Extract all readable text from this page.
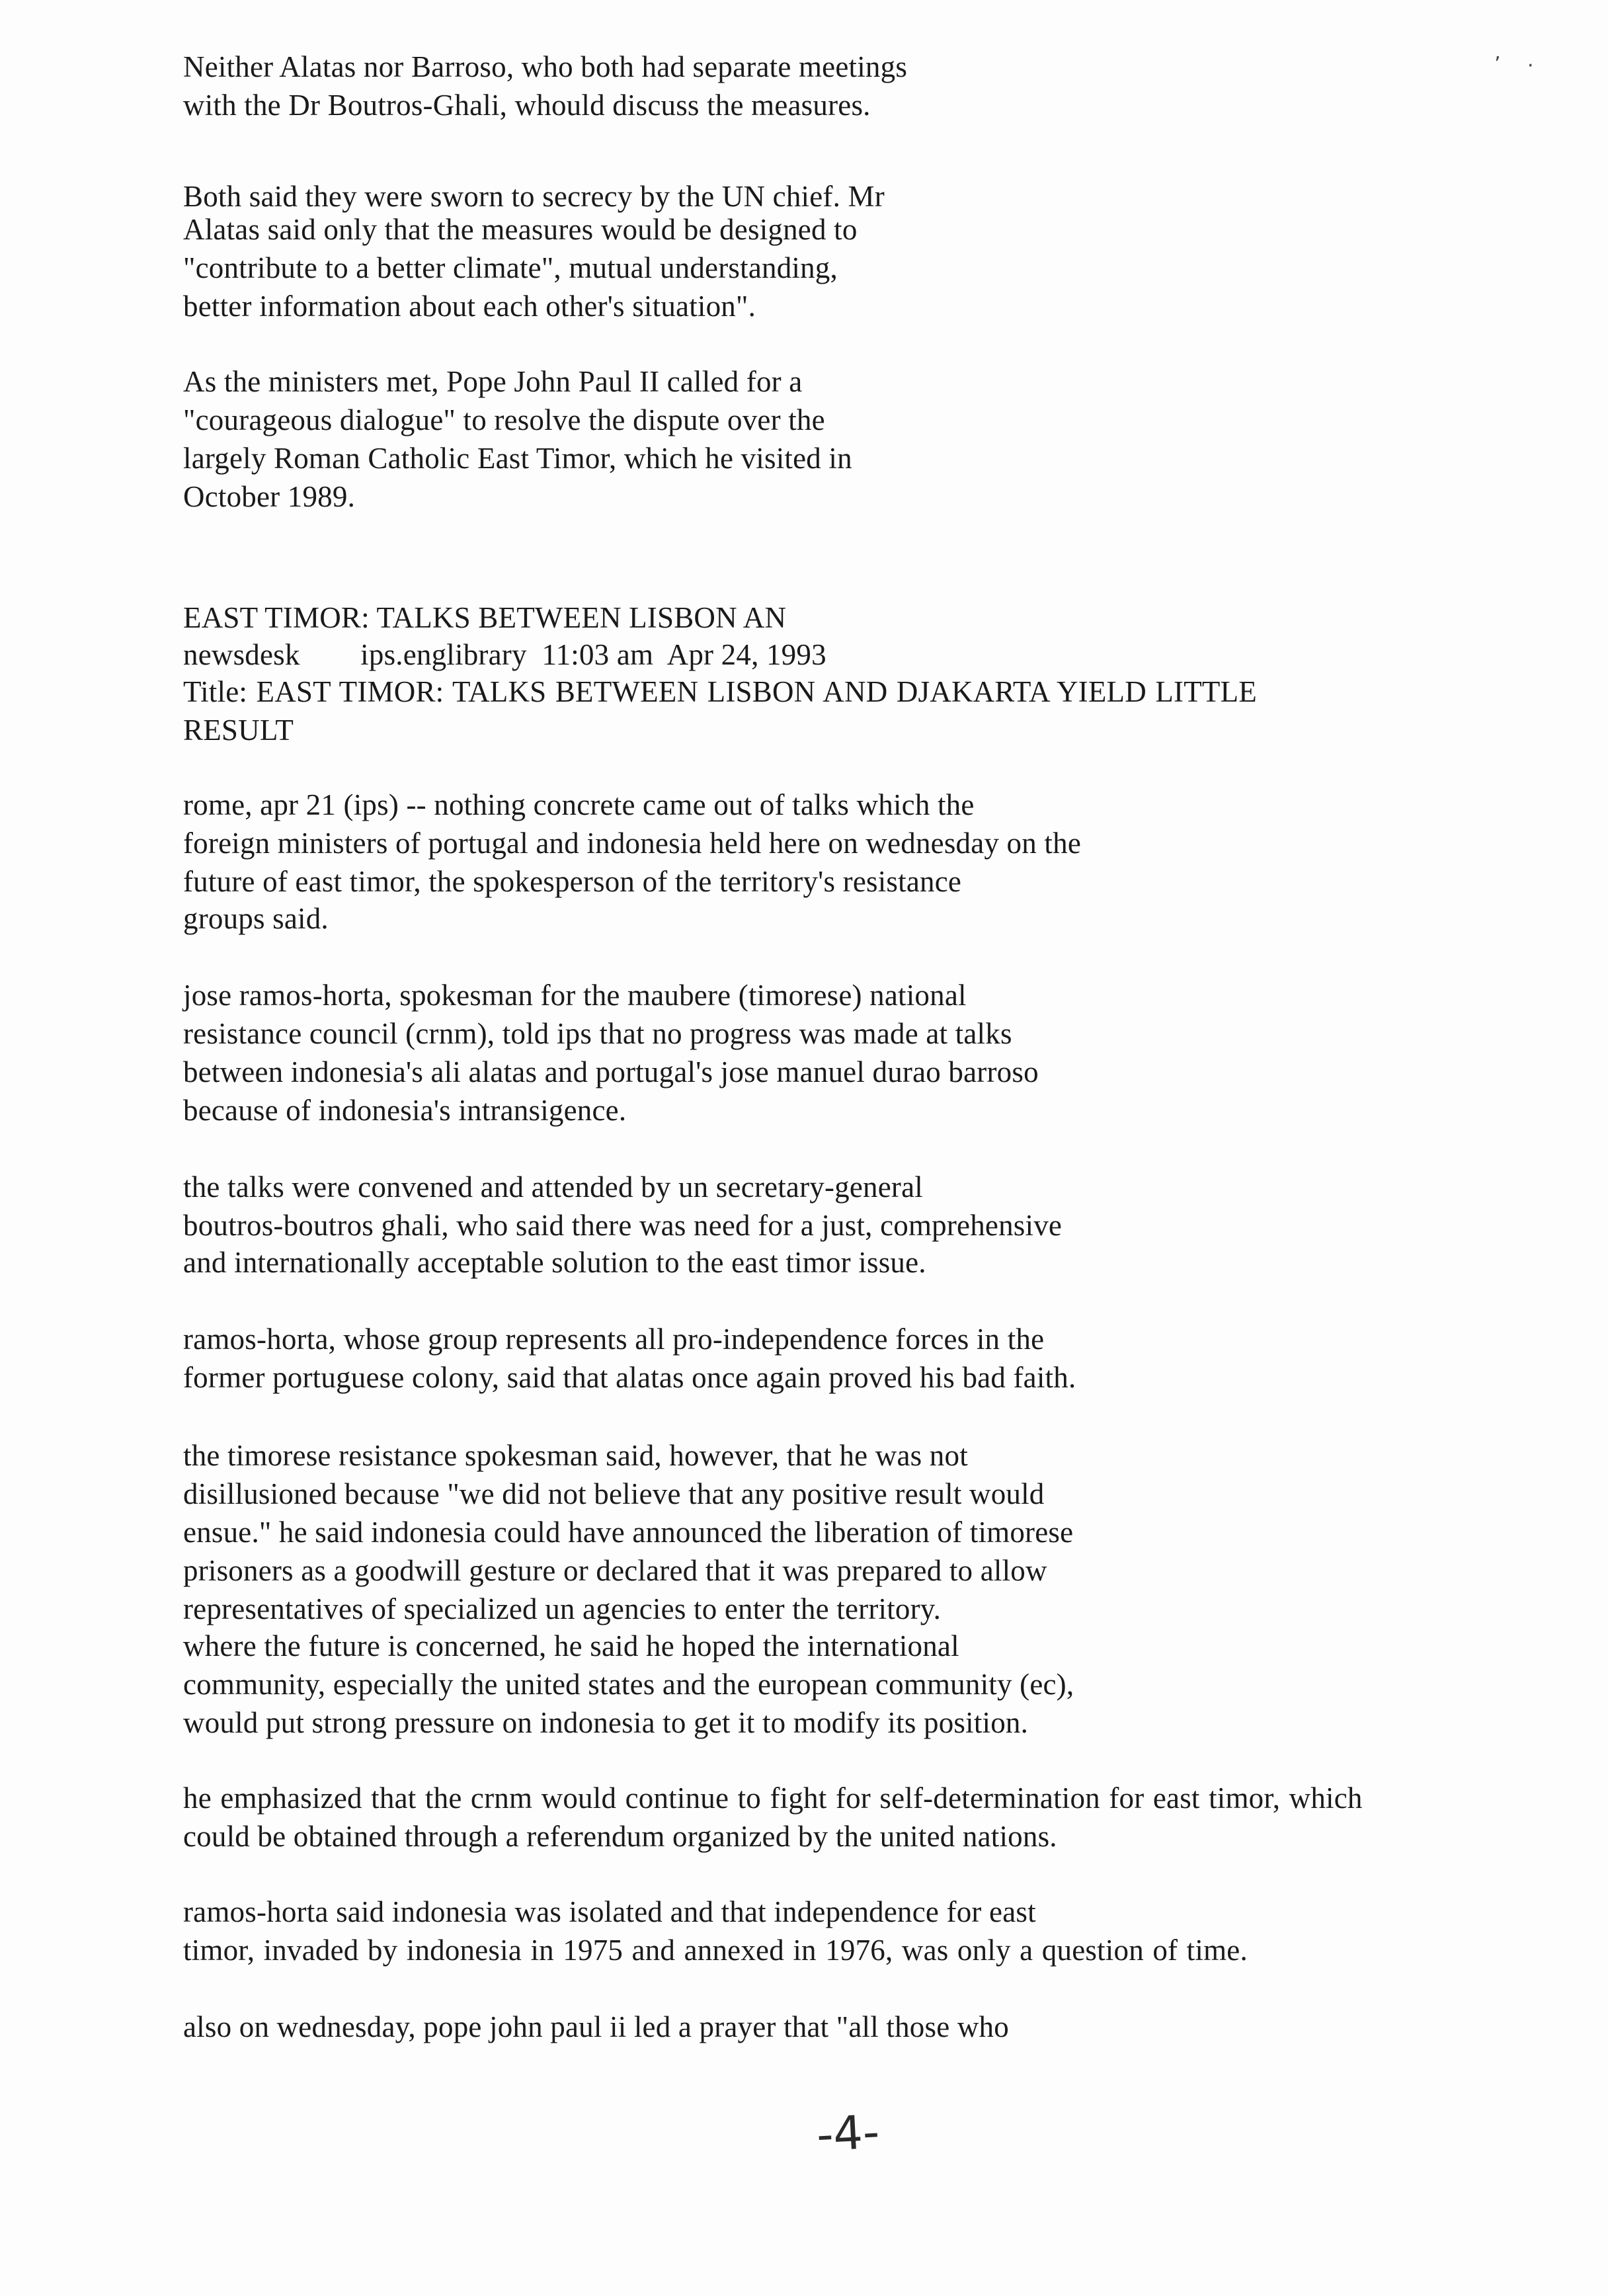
Neither Alatas nor Barroso, who both had separate meetings
with the Dr Boutros-Ghali, whould discuss the measures.
Both said they were sworn to secrecy by the UN chief. Mr
Alatas said only that the measures would be designed to
"contribute to a better climate", mutual understanding,
better information about each other's situation".
As the ministers met, Pope John Paul II called for a
"courageous dialogue" to resolve the dispute over the
largely Roman Catholic East Timor, which he visited in
October 1989.
EAST TIMOR: TALKS BETWEEN LISBON AN
newsdesk        ips.englibrary  11:03 am  Apr 24, 1993
Title: EAST TIMOR: TALKS BETWEEN LISBON AND DJAKARTA YIELD LITTLE
RESULT
rome, apr 21 (ips) -- nothing concrete came out of talks which the
foreign ministers of portugal and indonesia held here on wednesday on the
future of east timor, the spokesperson of the territory's resistance
groups said.
jose ramos-horta, spokesman for the maubere (timorese) national
resistance council (crnm), told ips that no progress was made at talks
between indonesia's ali alatas and portugal's jose manuel durao barroso
because of indonesia's intransigence.
the talks were convened and attended by un secretary-general
boutros-boutros ghali, who said there was need for a just, comprehensive
and internationally acceptable solution to the east timor issue.
ramos-horta, whose group represents all pro-independence forces in the
former portuguese colony, said that alatas once again proved his bad faith.
the timorese resistance spokesman said, however, that he was not
disillusioned because "we did not believe that any positive result would
ensue." he said indonesia could have announced the liberation of timorese
prisoners as a goodwill gesture or declared that it was prepared to allow
representatives of specialized un agencies to enter the territory.
where the future is concerned, he said he hoped the international
community, especially the united states and the european community (ec),
would put strong pressure on indonesia to get it to modify its position.
he emphasized that the crnm would continue to fight for self-determination for east timor, which
could be obtained through a referendum organized by the united nations.
ramos-horta said indonesia was isolated and that independence for east
timor, invaded by indonesia in 1975 and annexed in 1976, was only a question of time.
also on wednesday, pope john paul ii led a prayer that "all those who
-4-
’ ·
